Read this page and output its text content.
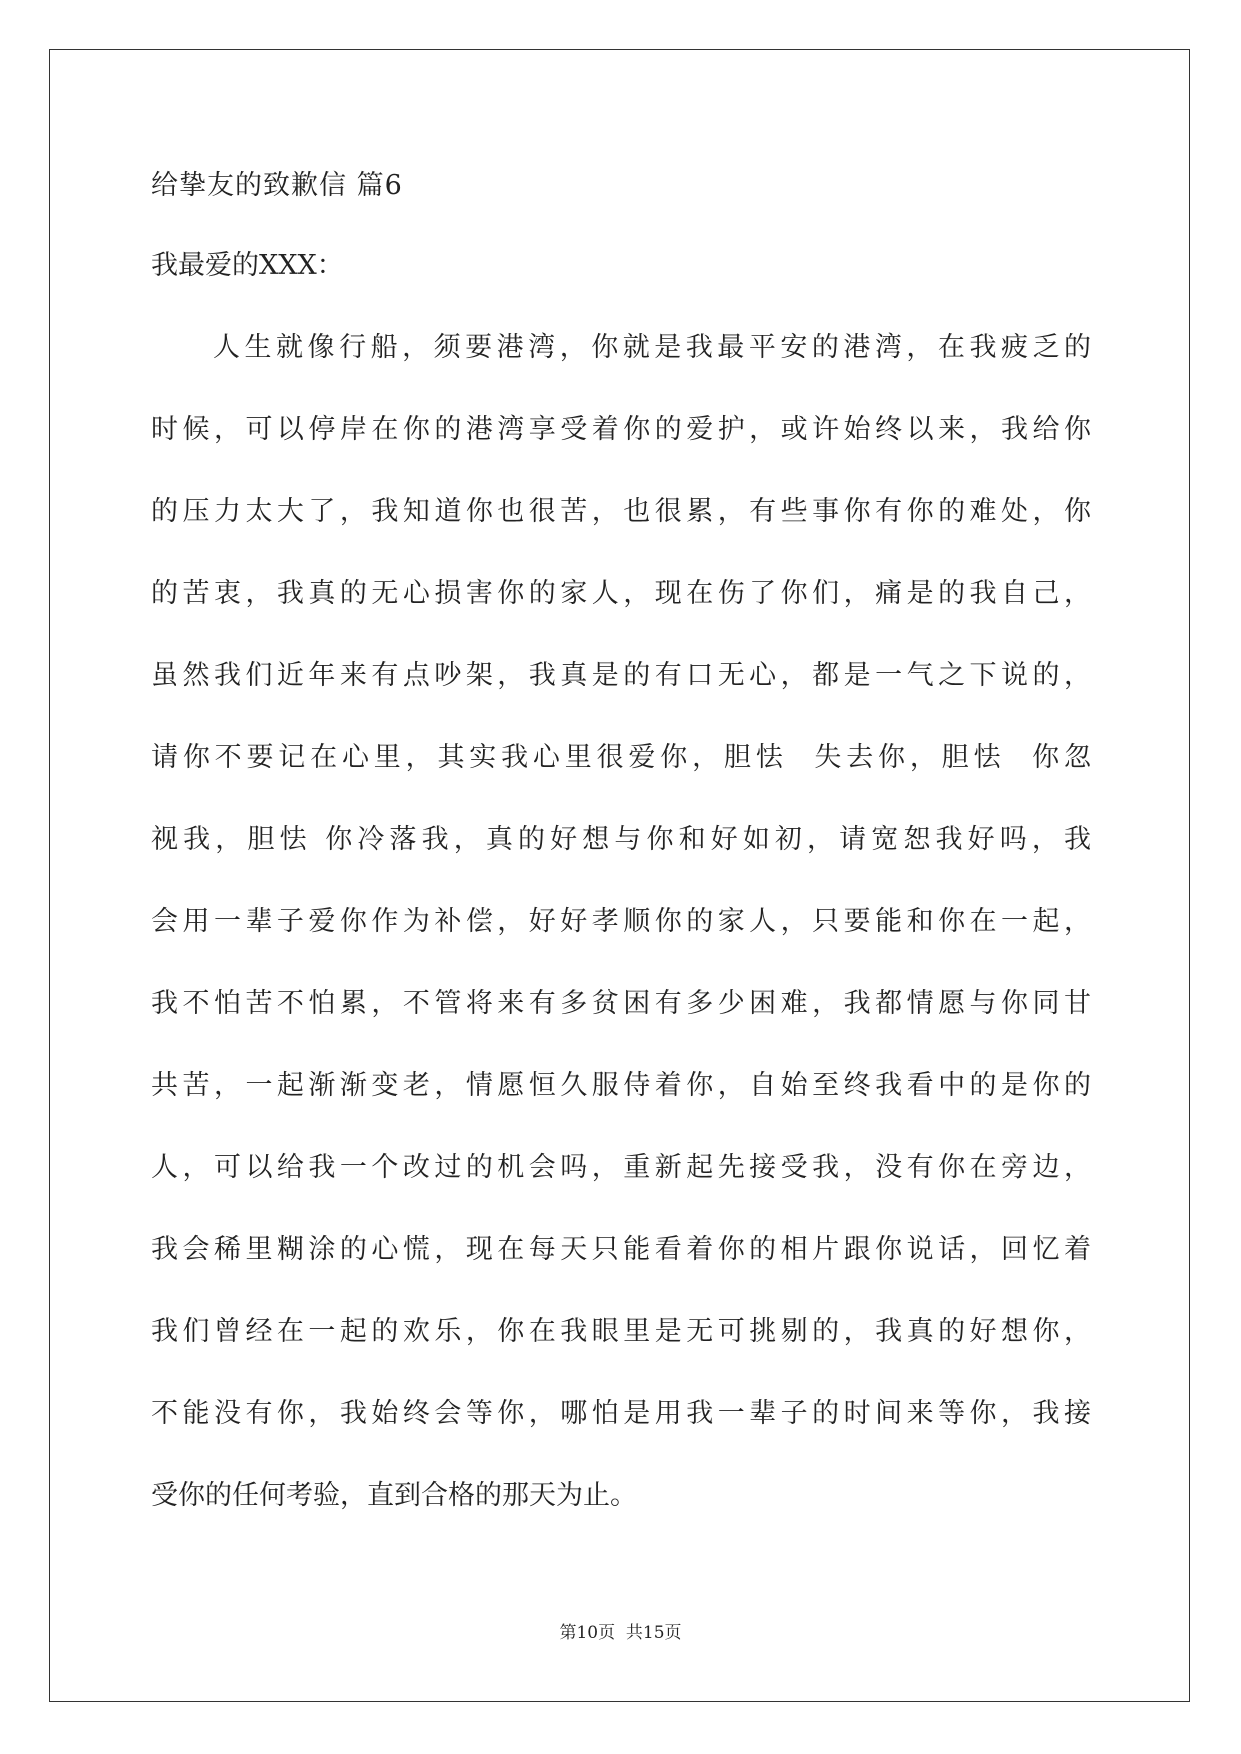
给挚友的致歉信 篇6
我最爱的XXX：
人生就像行船，须要港湾，你就是我最平安的港湾，在我疲乏的
时候，可以停岸在你的港湾享受着你的爱护，或许始终以来，我给你
的压力太大了，我知道你也很苦，也很累，有些事你有你的难处，你
的苦衷，我真的无心损害你的家人，现在伤了你们，痛是的我自己，
虽然我们近年来有点吵架，我真是的有口无心，都是一气之下说的，
请你不要记在心里，其实我心里很爱你，胆怯  失去你，胆怯  你忽
视我，胆怯 你冷落我，真的好想与你和好如初，请宽恕我好吗，我
会用一辈子爱你作为补偿，好好孝顺你的家人，只要能和你在一起，
我不怕苦不怕累，不管将来有多贫困有多少困难，我都情愿与你同甘
共苦，一起渐渐变老，情愿恒久服侍着你，自始至终我看中的是你的
人，可以给我一个改过的机会吗，重新起先接受我，没有你在旁边，
我会稀里糊涂的心慌，现在每天只能看着你的相片跟你说话，回忆着
我们曾经在一起的欢乐，你在我眼里是无可挑剔的，我真的好想你，
不能没有你，我始终会等你，哪怕是用我一辈子的时间来等你，我接
受你的任何考验，直到合格的那天为止。
第10页  共15页
